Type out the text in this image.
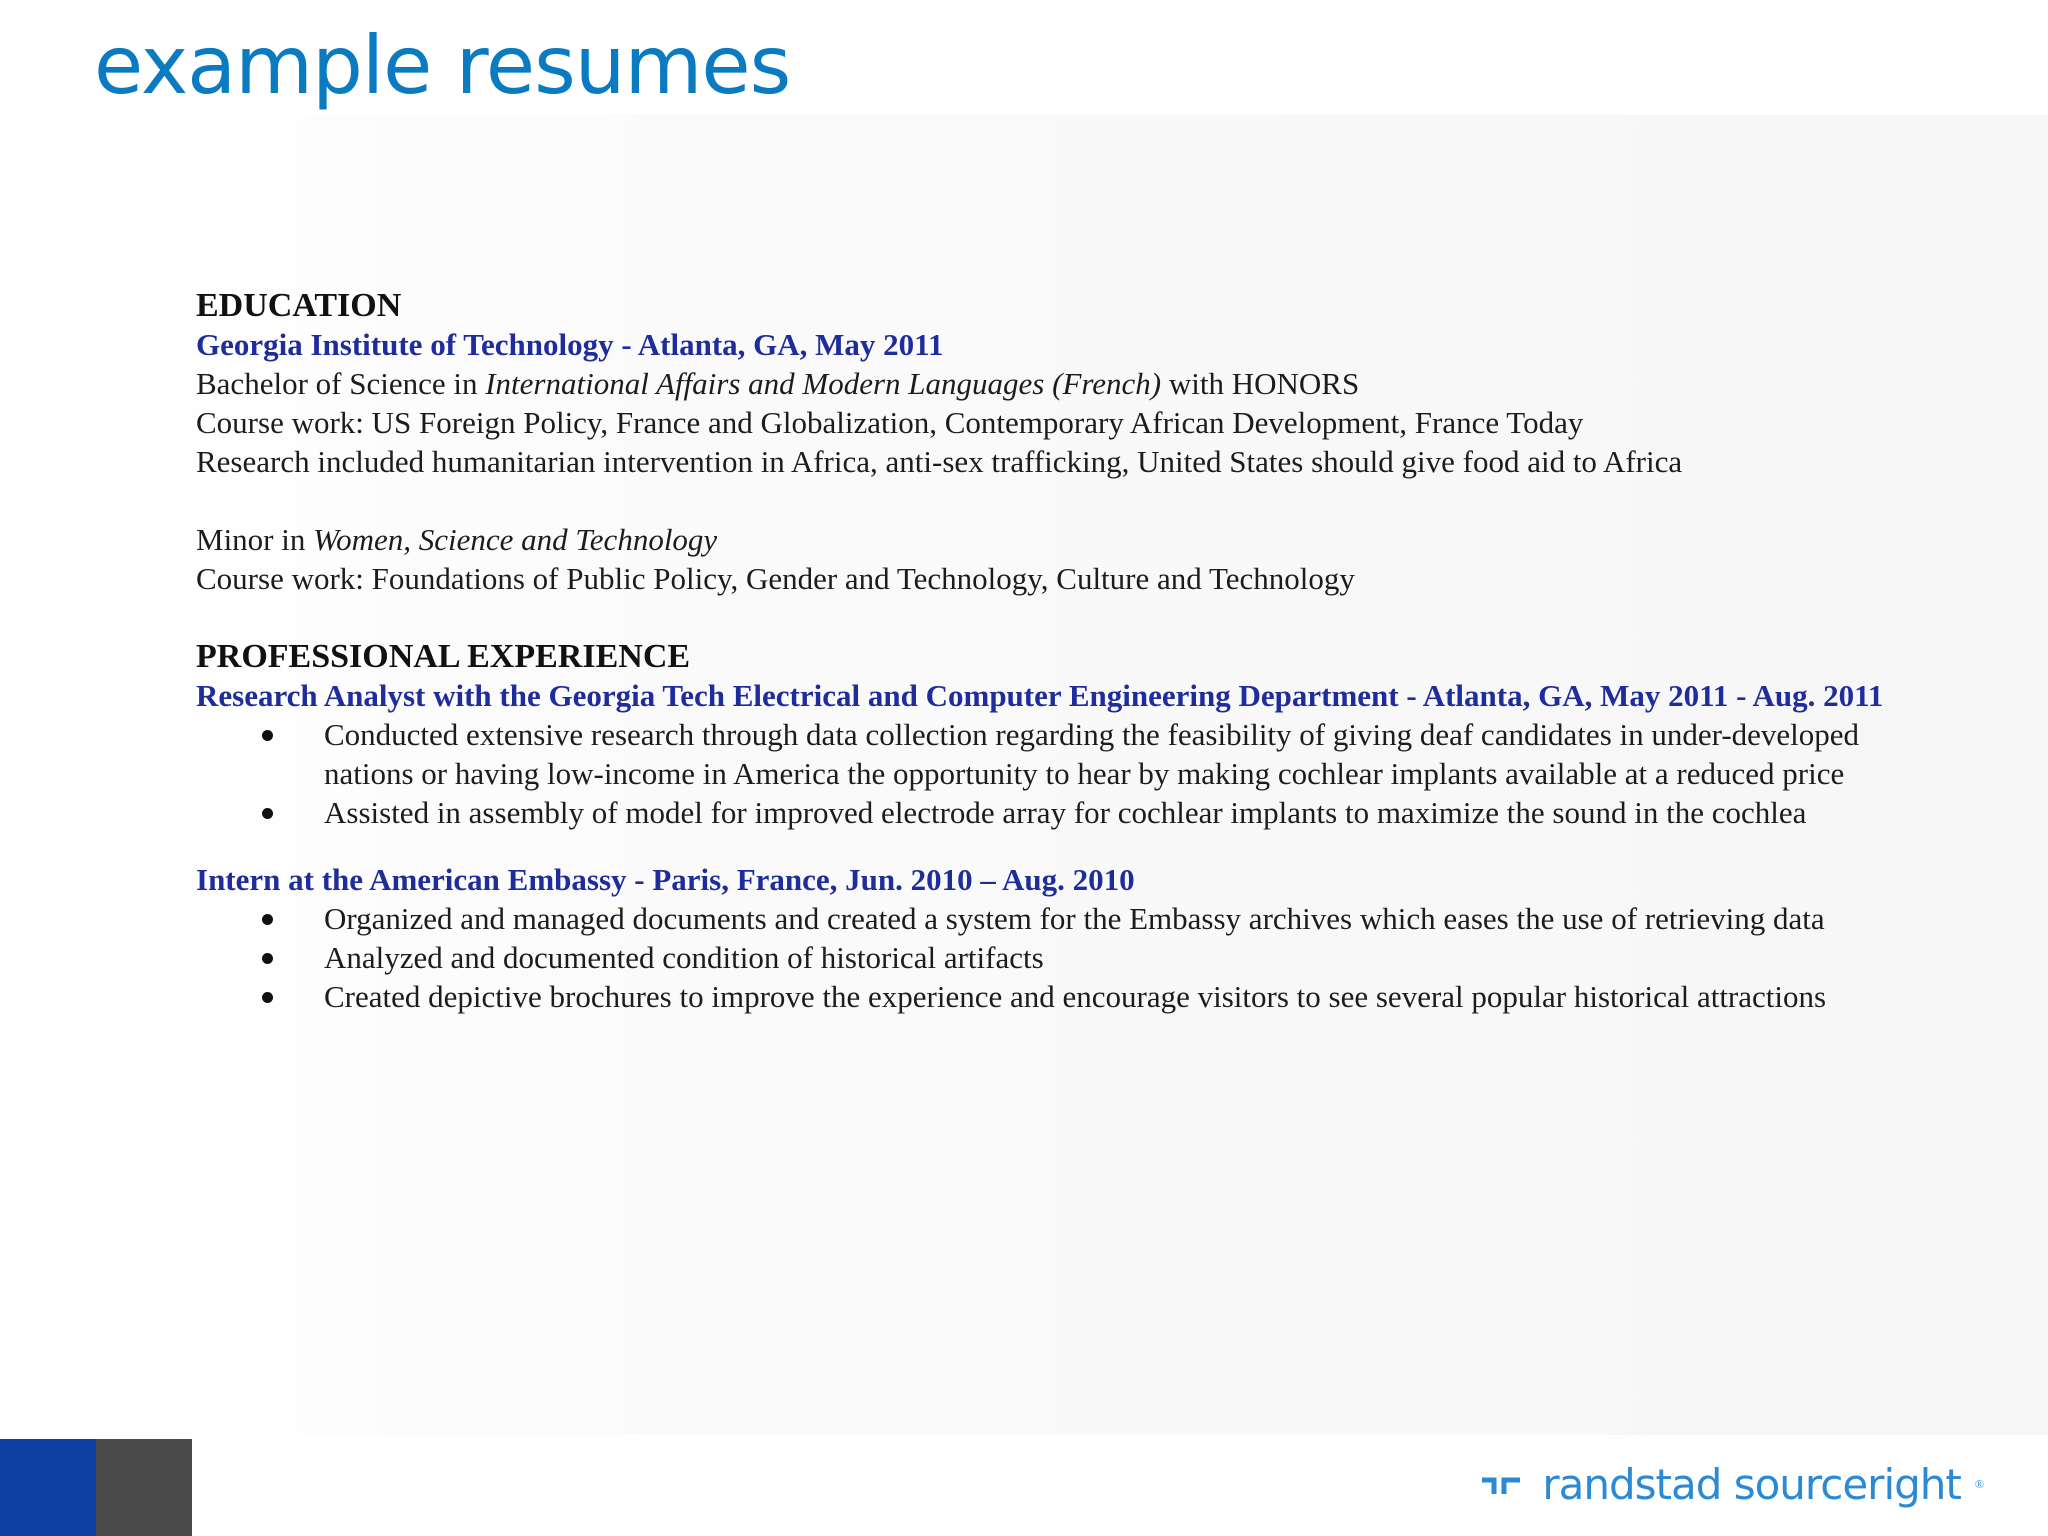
example resumes
EDUCATION
Georgia Institute of Technology - Atlanta, GA, May 2011
Bachelor of Science in International Affairs and Modern Languages (French) with HONORS
Course work: US Foreign Policy, France and Globalization, Contemporary African Development, France Today
Research included humanitarian intervention in Africa, anti-sex trafficking, United States should give food aid to Africa
Minor in Women, Science and Technology
Course work: Foundations of Public Policy, Gender and Technology, Culture and Technology
PROFESSIONAL EXPERIENCE
Research Analyst with the Georgia Tech Electrical and Computer Engineering Department - Atlanta, GA, May 2011 - Aug. 2011
Conducted extensive research through data collection regarding the feasibility of giving deaf candidates in under-developed nations or having low-income in America the opportunity to hear by making cochlear implants available at a reduced price
Assisted in assembly of model for improved electrode array for cochlear implants to maximize the sound in the cochlea
Intern at the American Embassy - Paris, France, Jun. 2010 – Aug. 2010
Organized and managed documents and created a system for the Embassy archives which eases the use of retrieving data
Analyzed and documented condition of historical artifacts
Created depictive brochures to improve the experience and encourage visitors to see several popular historical attractions
randstad sourceright ®
